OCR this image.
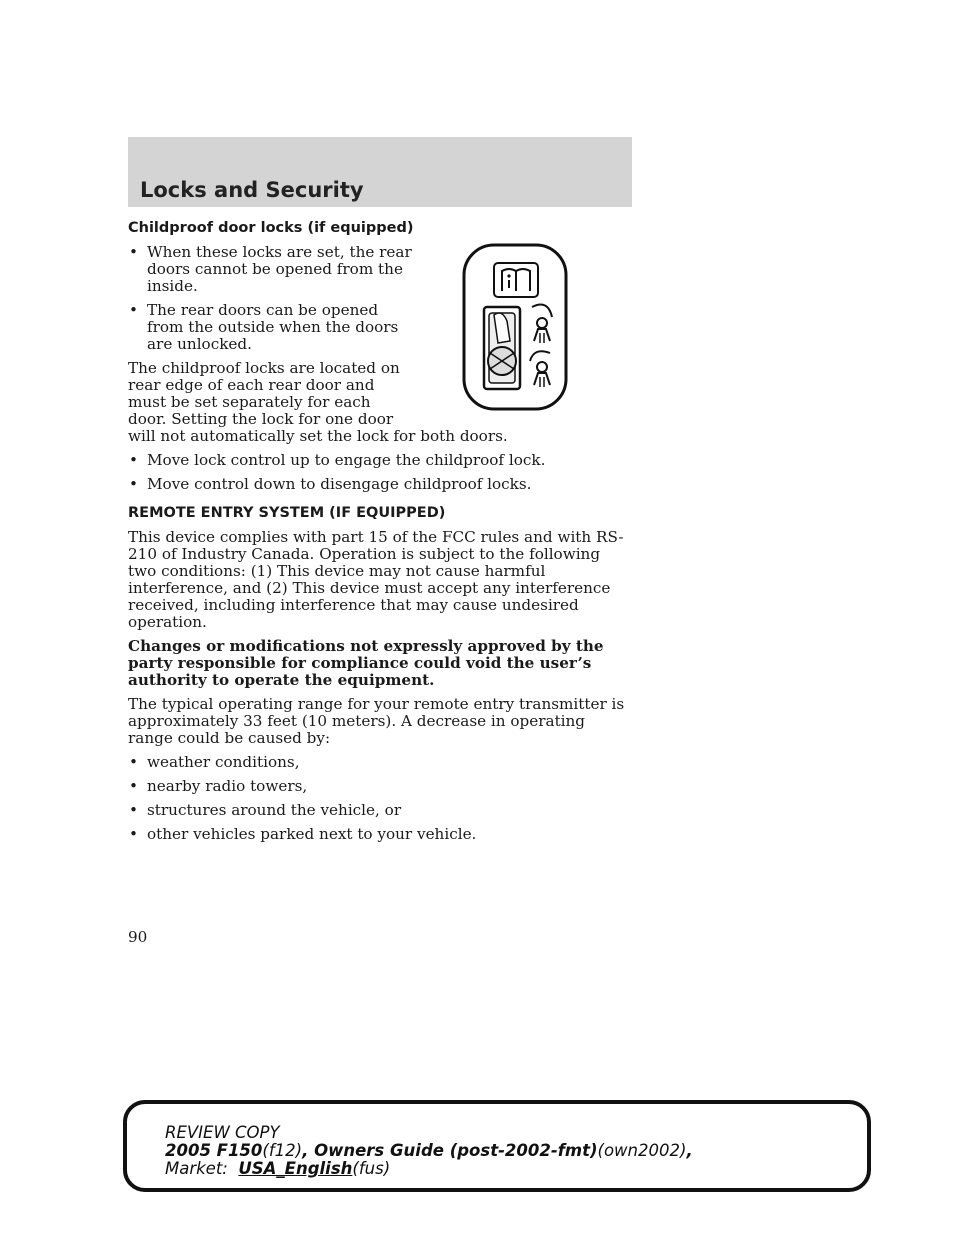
Locks and Security

Childproof door locks (if equipped)

• When these locks are set, the rear doors cannot be opened from the inside.

• The rear doors can be opened from the outside when the doors are unlocked.

The childproof locks are located on

rear edge of each rear door and

must be set separately for each

door. Setting the lock for one door

will not automatically set the lock for both doors.

• Move lock control up to engage the childproof lock.

• Move control down to disengage childproof locks.

REMOTE ENTRY SYSTEM (IF EQUIPPED)

This device complies with part 15 of the FCC rules and with RS-210 of Industry Canada. Operation is subject to the following two conditions: (1) This device may not cause harmful interference, and (2) This device must accept any interference received, including interference that may cause undesired operation.

Changes or modifications not expressly approved by the party responsible for compliance could void the user’s authority to operate the equipment.

The typical operating range for your remote entry transmitter is approximately 33 feet (10 meters). A decrease in operating range could be caused by:

• weather conditions,

• nearby radio towers,

• structures around the vehicle, or

• other vehicles parked next to your vehicle.

90
REVIEW COPY
2005 F150(f12), Owners Guide (post-2002-fmt)(own2002),
Market: USA_English(fus)
